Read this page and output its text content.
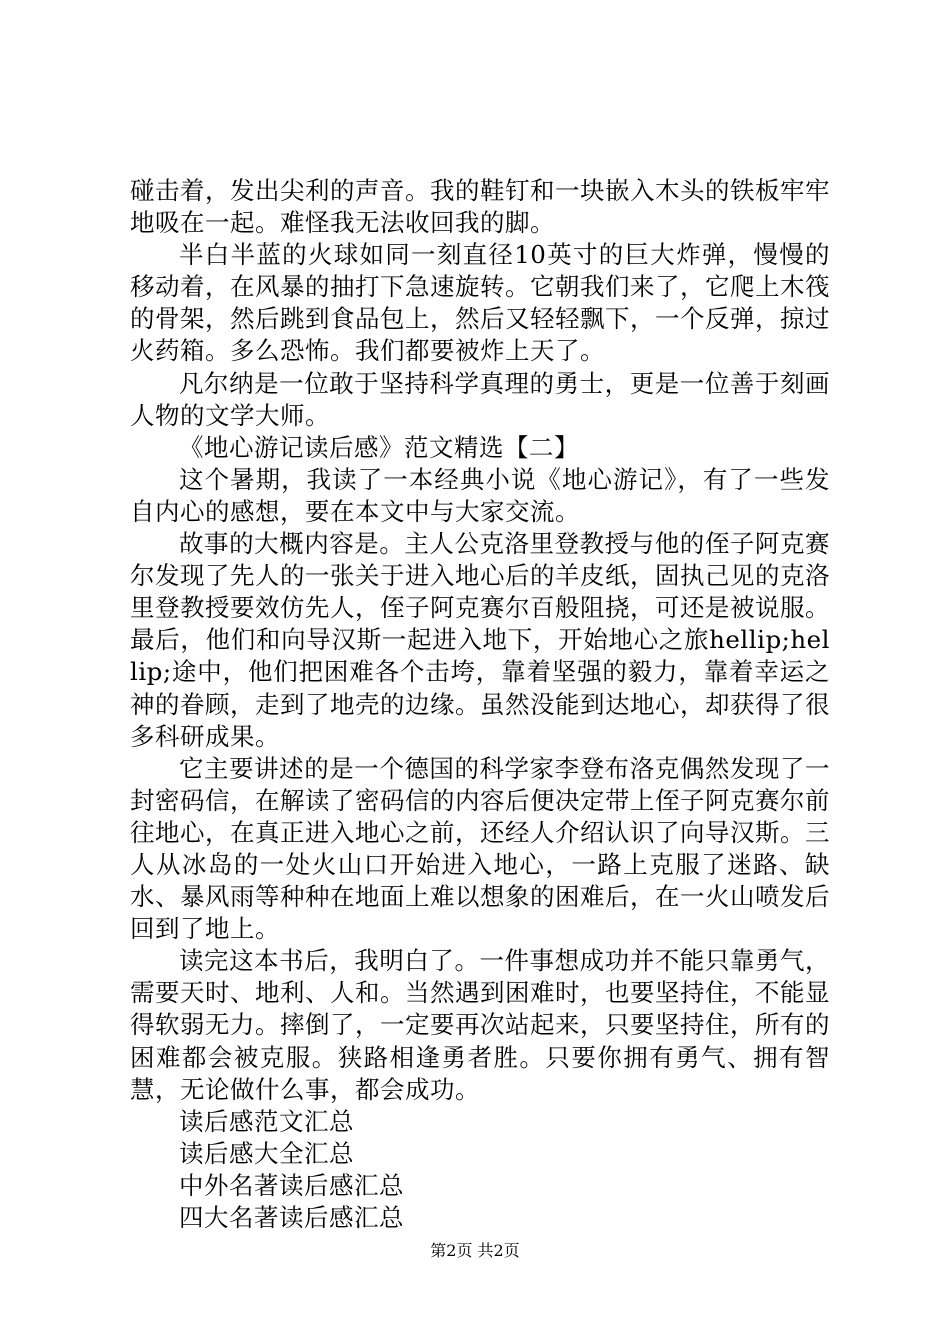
碰击着，发出尖利的声音。我的鞋钉和一块嵌入木头的铁板牢牢地吸在一起。难怪我无法收回我的脚。

半白半蓝的火球如同一刻直径10英寸的巨大炸弹，慢慢的移动着，在风暴的抽打下急速旋转。它朝我们来了，它爬上木筏的骨架，然后跳到食品包上，然后又轻轻飘下，一个反弹，掠过火药箱。多么恐怖。我们都要被炸上天了。

凡尔纳是一位敢于坚持科学真理的勇士，更是一位善于刻画人物的文学大师。

《地心游记读后感》范文精选【二】

这个暑期，我读了一本经典小说《地心游记》，有了一些发自内心的感想，要在本文中与大家交流。

故事的大概内容是。主人公克洛里登教授与他的侄子阿克赛尔发现了先人的一张关于进入地心后的羊皮纸，固执己见的克洛里登教授要效仿先人，侄子阿克赛尔百般阻挠，可还是被说服。最后，他们和向导汉斯一起进入地下，开始地心之旅hellip;hellip;途中，他们把困难各个击垮，靠着坚强的毅力，靠着幸运之神的眷顾，走到了地壳的边缘。虽然没能到达地心，却获得了很多科研成果。

它主要讲述的是一个德国的科学家李登布洛克偶然发现了一封密码信，在解读了密码信的内容后便决定带上侄子阿克赛尔前往地心，在真正进入地心之前，还经人介绍认识了向导汉斯。三人从冰岛的一处火山口开始进入地心，一路上克服了迷路、缺水、暴风雨等种种在地面上难以想象的困难后，在一火山喷发后回到了地上。

读完这本书后，我明白了。一件事想成功并不能只靠勇气，需要天时、地利、人和。当然遇到困难时，也要坚持住，不能显得软弱无力。摔倒了，一定要再次站起来，只要坚持住，所有的困难都会被克服。狭路相逢勇者胜。只要你拥有勇气、拥有智慧，无论做什么事，都会成功。

读后感范文汇总

读后感大全汇总

中外名著读后感汇总

四大名著读后感汇总

第2页 共2页
